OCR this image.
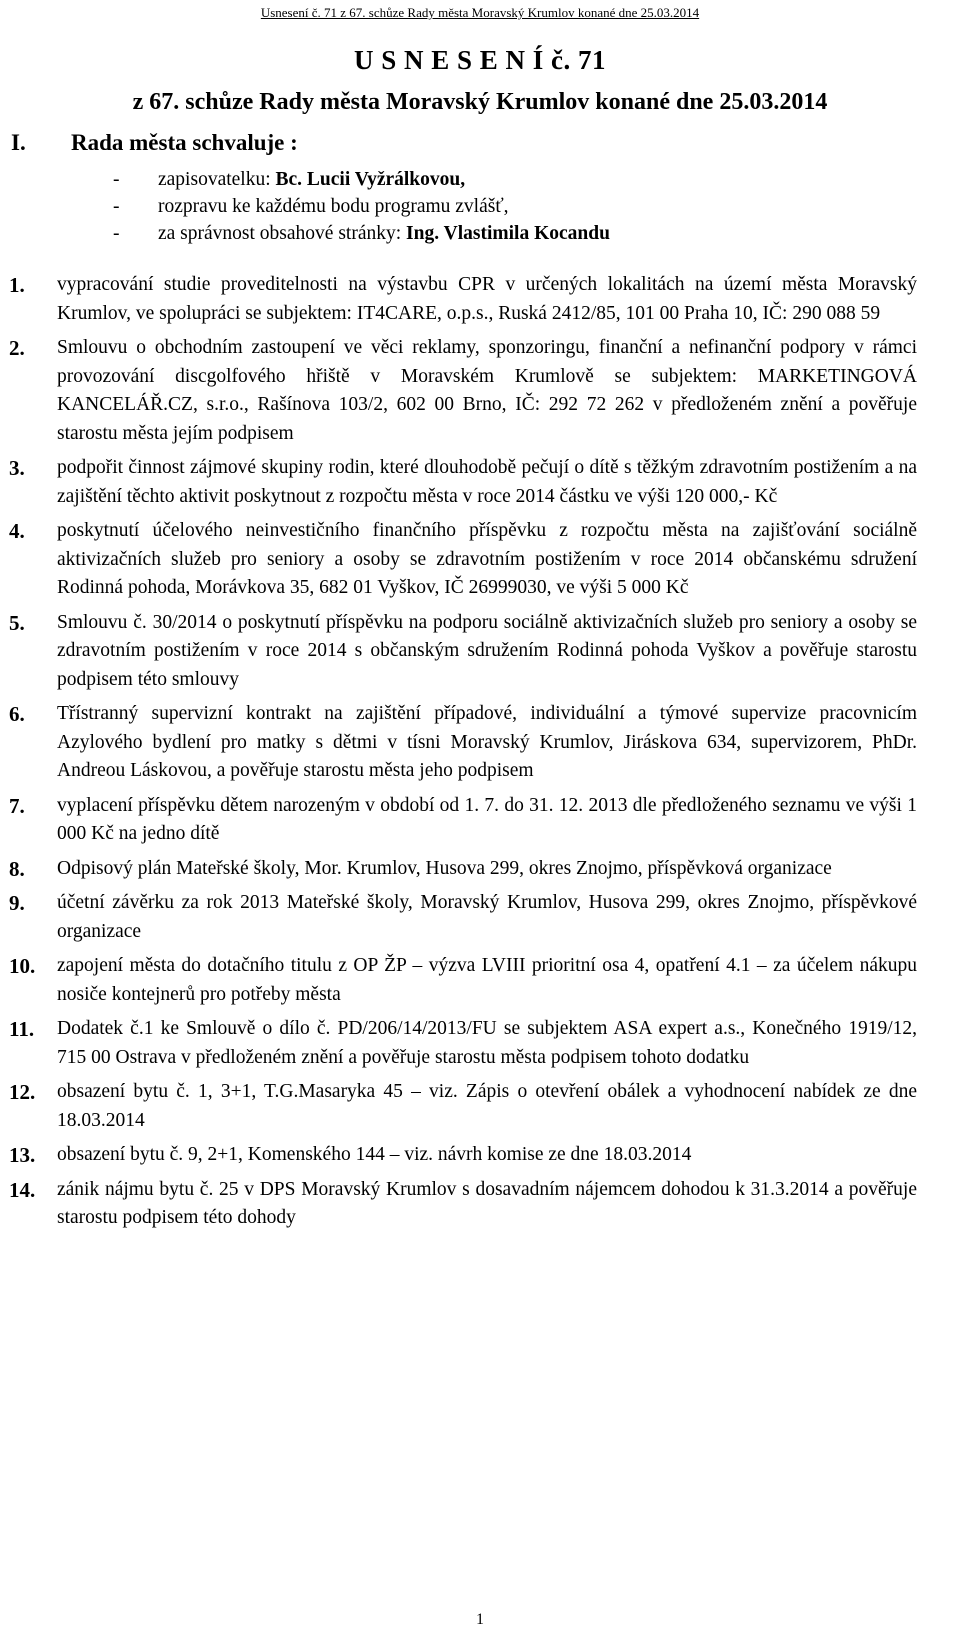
Usnesení č. 71 z 67. schůze Rady města Moravský Krumlov konané dne 25.03.2014
U S N E S E N Í č. 71
z 67. schůze Rady města Moravský Krumlov konané dne 25.03.2014
I. Rada města schvaluje :
- zapisovatelku: Bc. Lucii Vyžrálkovou,
- rozpravu ke každému bodu programu zvlášť,
- za správnost obsahové stránky: Ing. Vlastimila Kocandu
1. vypracování studie proveditelnosti na výstavbu CPR v určených lokalitách na území města Moravský Krumlov, ve spolupráci se subjektem: IT4CARE, o.p.s., Ruská 2412/85, 101 00 Praha 10, IČ: 290 088 59
2. Smlouvu o obchodním zastoupení ve věci reklamy, sponzoringu, finanční a nefinanční podpory v rámci provozování discgolfového hřiště v Moravském Krumlově se subjektem: MARKETINGOVÁ KANCELÁŘ.CZ, s.r.o., Rašínova 103/2, 602 00 Brno, IČ: 292 72 262 v předloženém znění a pověřuje starostu města jejím podpisem
3. podpořit činnost zájmové skupiny rodin, které dlouhodobě pečují o dítě s těžkým zdravotním postižením a na zajištění těchto aktivit poskytnout z rozpočtu města v roce 2014 částku ve výši 120 000,- Kč
4. poskytnutí účelového neinvestičního finančního příspěvku z rozpočtu města na zajišťování sociálně aktivizačních služeb pro seniory a osoby se zdravotním postižením v roce 2014 občanskému sdružení Rodinná pohoda, Morávkova 35, 682 01 Vyškov, IČ 26999030, ve výši 5 000 Kč
5. Smlouvu č. 30/2014 o poskytnutí příspěvku na podporu sociálně aktivizačních služeb pro seniory a osoby se zdravotním postižením v roce 2014 s občanským sdružením Rodinná pohoda Vyškov a pověřuje starostu podpisem této smlouvy
6. Třístranný supervizní kontrakt na zajištění případové, individuální a týmové supervize pracovnicím Azylového bydlení pro matky s dětmi v tísni Moravský Krumlov, Jiráskova 634, supervizorem, PhDr. Andreou Láskovou, a pověřuje starostu města jeho podpisem
7. vyplacení příspěvku dětem narozeným v období od 1. 7. do 31. 12. 2013 dle předloženého seznamu ve výši 1 000 Kč na jedno dítě
8. Odpisový plán Mateřské školy, Mor. Krumlov, Husova 299, okres Znojmo, příspěvková organizace
9. účetní závěrku za rok 2013 Mateřské školy, Moravský Krumlov, Husova 299, okres Znojmo, příspěvkové organizace
10. zapojení města do dotačního titulu z OP ŽP – výzva LVIII prioritní osa 4, opatření 4.1 – za účelem nákupu nosiče kontejnerů pro potřeby města
11. Dodatek č.1 ke Smlouvě o dílo č. PD/206/14/2013/FU se subjektem ASA expert a.s., Konečného 1919/12, 715 00 Ostrava v předloženém znění a pověřuje starostu města podpisem tohoto dodatku
12. obsazení bytu č. 1, 3+1, T.G.Masaryka 45 – viz. Zápis o otevření obálek a vyhodnocení nabídek ze dne 18.03.2014
13. obsazení bytu č. 9, 2+1, Komenského 144 – viz. návrh komise ze dne 18.03.2014
14. zánik nájmu bytu č. 25 v DPS Moravský Krumlov s dosavadním nájemcem dohodou k 31.3.2014 a pověřuje starostu podpisem této dohody
1
